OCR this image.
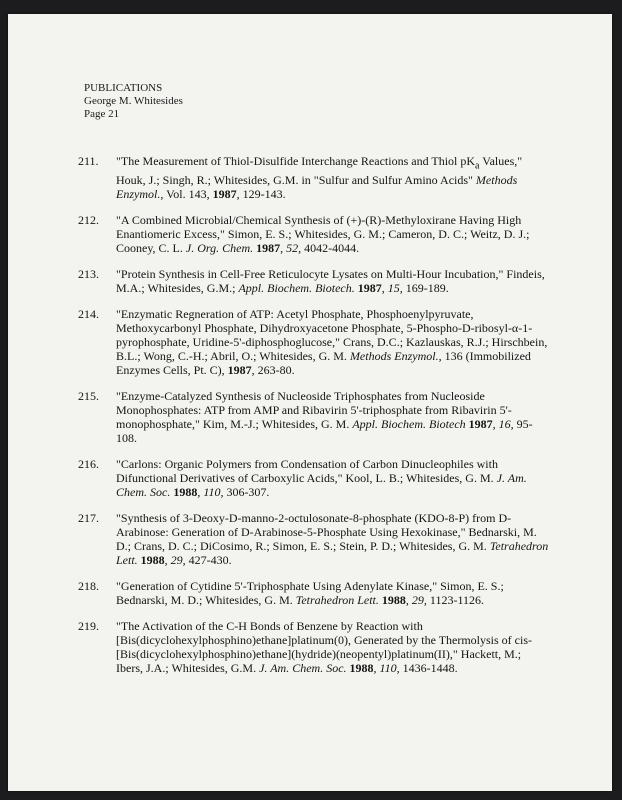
PUBLICATIONS
George M. Whitesides
Page 21
211.	"The Measurement of Thiol-Disulfide Interchange Reactions and Thiol $pK_a$ Values," Houk, J.; Singh, R.; Whitesides, G.M. in "Sulfur and Sulfur Amino Acids" Methods Enzymol., Vol. 143, 1987, 129-143.
212.	"A Combined Microbial/Chemical Synthesis of (+)-(R)-Methyloxirane Having High Enantiomeric Excess," Simon, E. S.; Whitesides, G. M.; Cameron, D. C.; Weitz, D. J.; Cooney, C. L. J. Org. Chem. 1987, 52, 4042-4044.
213.	"Protein Synthesis in Cell-Free Reticulocyte Lysates on Multi-Hour Incubation," Findeis, M.A.; Whitesides, G.M.; Appl. Biochem. Biotech. 1987, 15, 169-189.
214.	"Enzymatic Regneration of ATP: Acetyl Phosphate, Phosphoenylpyruvate, Methoxycarbonyl Phosphate, Dihydroxyacetone Phosphate, 5-Phospho-D-ribosyl-α-1-pyrophosphate, Uridine-5'-diphosphoglucose," Crans, D.C.; Kazlauskas, R.J.; Hirschbein, B.L.; Wong, C.-H.; Abril, O.; Whitesides, G. M. Methods Enzymol., 136 (Immobilized Enzymes Cells, Pt. C), 1987, 263-80.
215.	"Enzyme-Catalyzed Synthesis of Nucleoside Triphosphates from Nucleoside Monophosphates: ATP from AMP and Ribavirin 5'-triphosphate from Ribavirin 5'-monophosphate," Kim, M.-J.; Whitesides, G. M. Appl. Biochem. Biotech 1987, 16, 95-108.
216.	"Carlons: Organic Polymers from Condensation of Carbon Dinucleophiles with Difunctional Derivatives of Carboxylic Acids," Kool, L. B.; Whitesides, G. M. J. Am. Chem. Soc. 1988, 110, 306-307.
217.	"Synthesis of 3-Deoxy-D-manno-2-octulosonate-8-phosphate (KDO-8-P) from D-Arabinose: Generation of D-Arabinose-5-Phosphate Using Hexokinase," Bednarski, M. D.; Crans, D. C.; DiCosimo, R.; Simon, E. S.; Stein, P. D.; Whitesides, G. M. Tetrahedron Lett. 1988, 29, 427-430.
218.	"Generation of Cytidine 5'-Triphosphate Using Adenylate Kinase," Simon, E. S.; Bednarski, M. D.; Whitesides, G. M. Tetrahedron Lett. 1988, 29, 1123-1126.
219.	"The Activation of the C-H Bonds of Benzene by Reaction with [Bis(dicyclohexylphosphino)ethane]platinum(0), Generated by the Thermolysis of cis-[Bis(dicyclohexylphosphino)ethane](hydride)(neopentyl)platinum(II)," Hackett, M.; Ibers, J.A.; Whitesides, G.M. J. Am. Chem. Soc. 1988, 110, 1436-1448.
